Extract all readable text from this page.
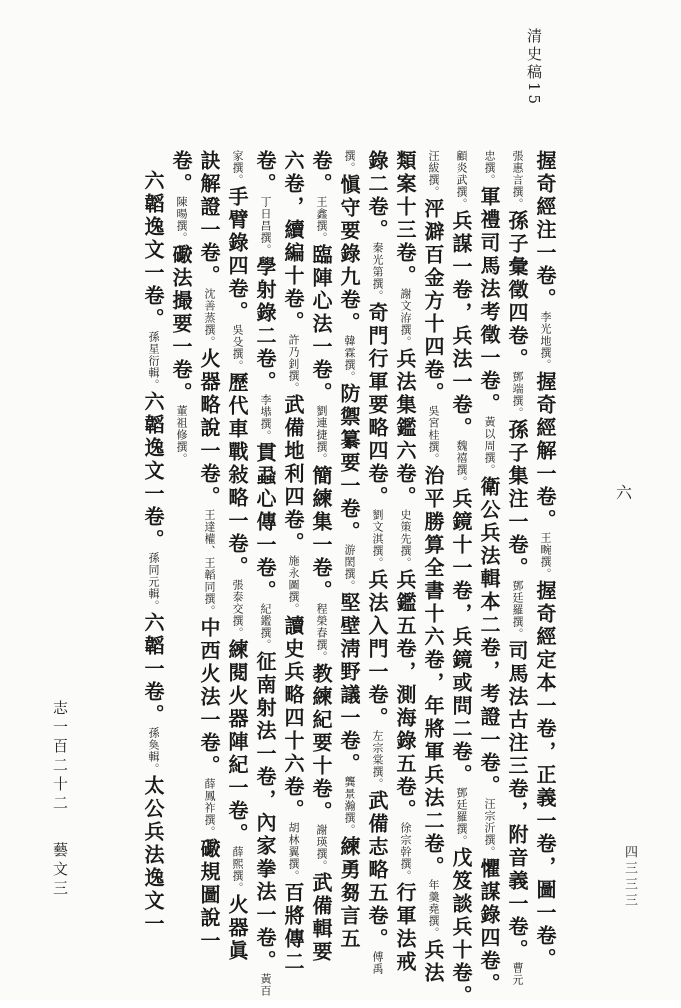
清史稿15
六

握奇經注一卷。李光地撰。握奇經解一卷。王畹撰。握奇經定本一卷，正義一卷，圖一卷。

張惠言撰。孫子彙徵四卷。鄧端撰。孫子集注一卷。鄧廷羅撰。司馬法古注三卷，附音義一卷。曹元

忠撰。軍禮司馬法考徵一卷。黃以周撰。衛公兵法輯本二卷，考證一卷。汪宗沂撰。懼謀錄四卷。

顧炎武撰。兵謀一卷，兵法一卷。魏禧撰。兵鏡十一卷，兵鏡或問二卷。鄧廷羅撰。戊笈談兵十卷。

汪紱撰。泙澼百金方十四卷。吳宮桂撰。治平勝算全書十六卷，年將軍兵法二卷。年羹堯撰。兵法

類案十三卷。謝文洊撰。兵法集鑑六卷。史策先撰。兵鑑五卷，測海錄五卷。徐宗幹撰。行軍法戒

錄二卷。秦光第撰。奇門行軍要略四卷。劉文淇撰。兵法入門一卷。左宗棠撰。武備志略五卷。傅禹

撰。愼守要錄九卷。韓霖撰。防禦纂要一卷。游閎撰。堅壁淸野議一卷。龔景瀚撰。練勇芻言五

卷。王鑫撰。臨陣心法一卷。劉連捷撰。簡練集一卷。程榮春撰。教練紀要十卷。謝瑛撰。武備輯要

六卷，續編十卷。許乃釗撰。武備地利四卷。施永圖撰。讀史兵略四十六卷。胡林翼撰。百將傳二

卷。丁日昌撰。學射錄二卷。李塨撰。貫蝨心傳一卷。紀鑑撰。征南射法一卷，內家拳法一卷。黃百

家撰。手臂錄四卷。吳殳撰。歷代車戰敍略一卷。張泰交撰。練閱火器陣紀一卷。薛熙撰。火器眞

訣解證一卷。沈善蒸撰。火器略說一卷。王達權、王韜同撰。中西火法一卷。薛鳳祚撰。礮規圖說一

卷。陳暘撰。礮法撮要一卷。董祖修撰。

六韜逸文一卷。孫星衍輯。六韜逸文一卷。孫同元輯。六韜一卷。孫奐輯。太公兵法逸文一

志一百二十二藝文三	四三三三
